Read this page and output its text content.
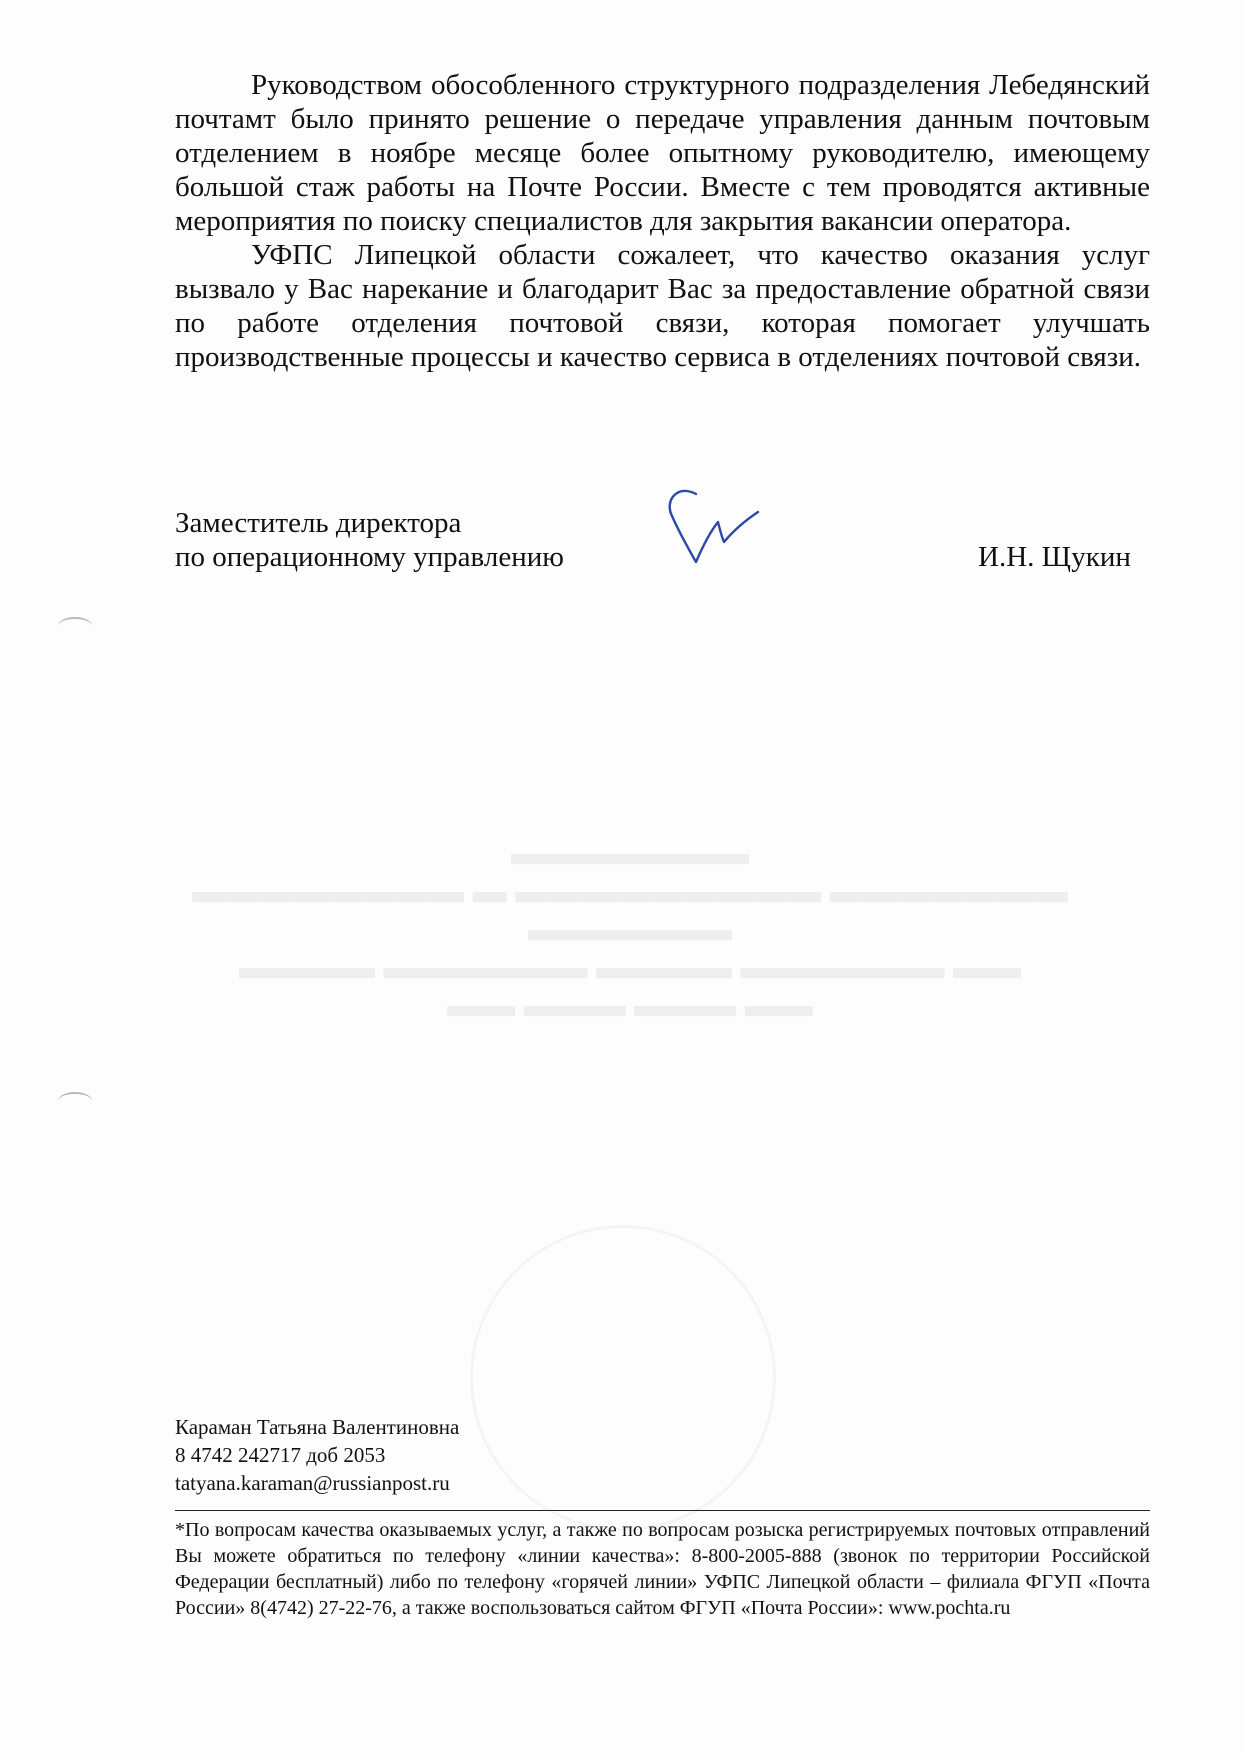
▬▬ ▬▬▬ ▬▬▬ ▬▬
▬▬▬▬ ▬▬▬▬▬▬ ▬▬▬▬ ▬▬▬▬▬▬ ▬▬ ▬▬▬▬▬▬
▬▬▬▬▬▬▬▬ ▬ ▬▬▬▬▬▬▬▬▬ ▬▬▬▬▬▬▬
▬▬▬▬▬▬▬

Руководством обособленного структурного подразделения Лебедянский почтамт было принято решение о передаче управления данным почтовым отделением в ноябре месяце более опытному руководителю, имеющему большой стаж работы на Почте России. Вместе с тем проводятся активные мероприятия по поиску специалистов для закрытия вакансии оператора.

УФПС Липецкой области сожалеет, что качество оказания услуг вызвало у Вас нарекание и благодарит Вас за предоставление обратной связи по работе отделения почтовой связи, которая помогает улучшать производственные процессы и качество сервиса в отделениях почтовой связи.

Заместитель директора
по операционному управлению	И.Н. Щукин
Караман Татьяна Валентиновна
8 4742 242717 доб 2053
tatyana.karaman@russianpost.ru
*По вопросам качества оказываемых услуг, а также по вопросам розыска регистрируемых почтовых отправлений Вы можете обратиться по телефону «линии качества»: 8-800-2005-888 (звонок по территории Российской Федерации бесплатный) либо по телефону «горячей линии» УФПС Липецкой области – филиала ФГУП «Почта России» 8(4742) 27-22-76, а также воспользоваться сайтом ФГУП «Почта России»: www.pochta.ru
